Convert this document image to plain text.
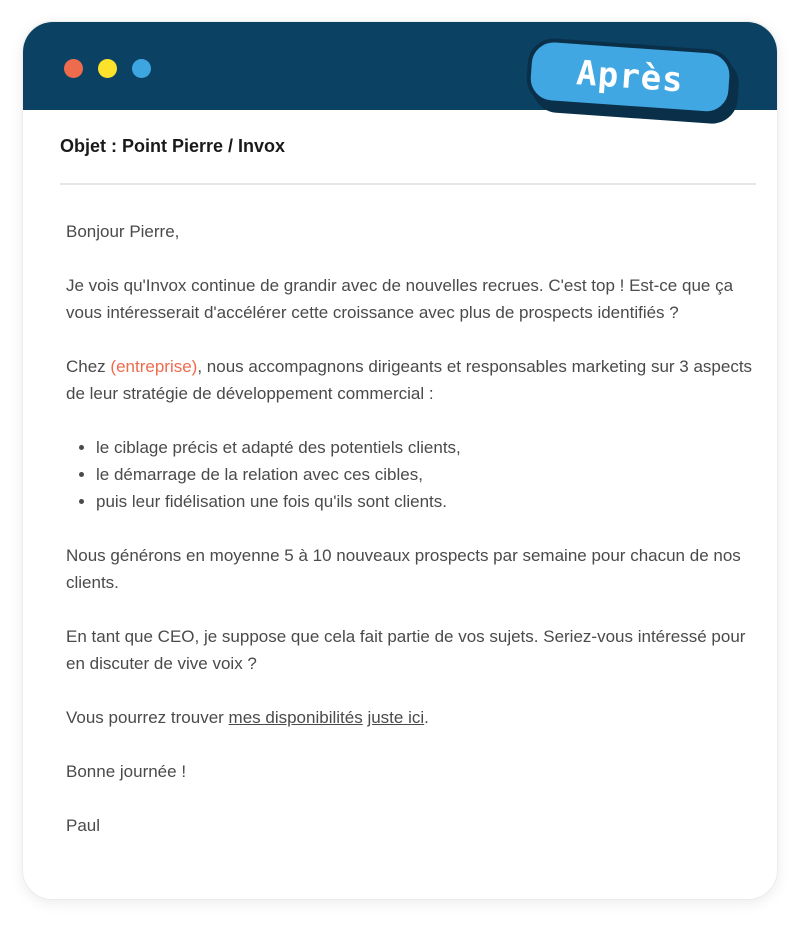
Après
Objet : Point Pierre / Invox

Bonjour Pierre,

Je vois qu'Invox continue de grandir avec de nouvelles recrues. C'est top ! Est-ce que ça vous intéresserait d'accélérer cette croissance avec plus de prospects identifiés ?

Chez (entreprise), nous accompagnons dirigeants et responsables marketing sur 3 aspects de leur stratégie de développement commercial :

• le ciblage précis et adapté des potentiels clients,
• le démarrage de la relation avec ces cibles,
• puis leur fidélisation une fois qu'ils sont clients.

Nous générons en moyenne 5 à 10 nouveaux prospects par semaine pour chacun de nos clients.

En tant que CEO, je suppose que cela fait partie de vos sujets. Seriez-vous intéressé pour en discuter de vive voix ?

Vous pourrez trouver mes disponibilités juste ici.

Bonne journée !

Paul
